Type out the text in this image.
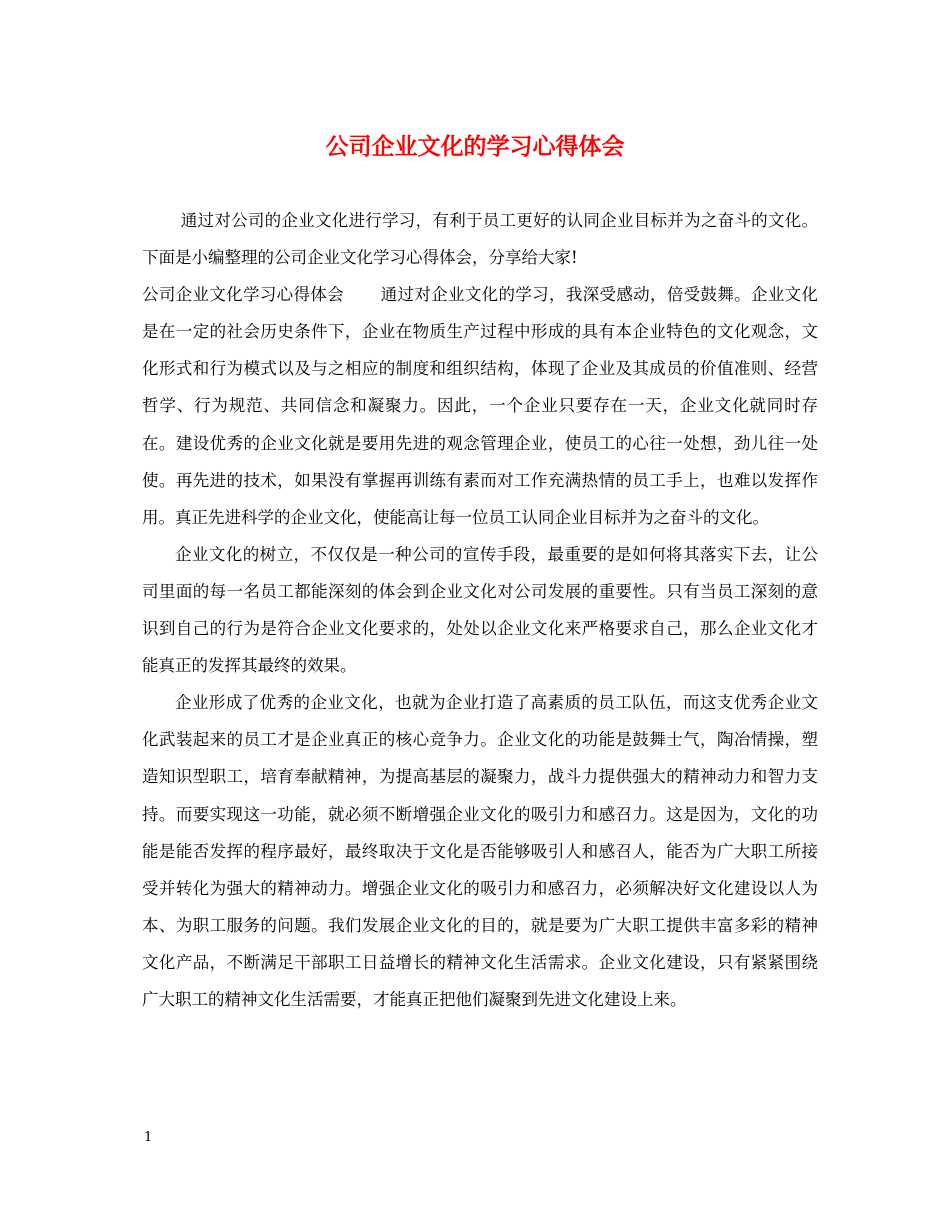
公司企业文化的学习心得体会

通过对公司的企业文化进行学习，有利于员工更好的认同企业目标并为之奋斗的文化。下面是小编整理的公司企业文化学习心得体会，分享给大家!

公司企业文化学习心得体会 通过对企业文化的学习，我深受感动，倍受鼓舞。企业文化是在一定的社会历史条件下，企业在物质生产过程中形成的具有本企业特色的文化观念，文化形式和行为模式以及与之相应的制度和组织结构，体现了企业及其成员的价值准则、经营哲学、行为规范、共同信念和凝聚力。因此，一个企业只要存在一天，企业文化就同时存在。建设优秀的企业文化就是要用先进的观念管理企业，使员工的心往一处想，劲儿往一处使。再先进的技术，如果没有掌握再训练有素而对工作充满热情的员工手上，也难以发挥作用。真正先进科学的企业文化，使能高让每一位员工认同企业目标并为之奋斗的文化。

企业文化的树立，不仅仅是一种公司的宣传手段，最重要的是如何将其落实下去，让公司里面的每一名员工都能深刻的体会到企业文化对公司发展的重要性。只有当员工深刻的意识到自己的行为是符合企业文化要求的，处处以企业文化来严格要求自己，那么企业文化才能真正的发挥其最终的效果。

企业形成了优秀的企业文化，也就为企业打造了高素质的员工队伍，而这支优秀企业文化武装起来的员工才是企业真正的核心竞争力。企业文化的功能是鼓舞士气，陶冶情操，塑造知识型职工，培育奉献精神，为提高基层的凝聚力，战斗力提供强大的精神动力和智力支持。而要实现这一功能，就必须不断增强企业文化的吸引力和感召力。这是因为，文化的功能是能否发挥的程序最好，最终取决于文化是否能够吸引人和感召人，能否为广大职工所接受并转化为强大的精神动力。增强企业文化的吸引力和感召力，必须解决好文化建设以人为本、为职工服务的问题。我们发展企业文化的目的，就是要为广大职工提供丰富多彩的精神文化产品，不断满足干部职工日益增长的精神文化生活需求。企业文化建设，只有紧紧围绕广大职工的精神文化生活需要，才能真正把他们凝聚到先进文化建设上来。

1
